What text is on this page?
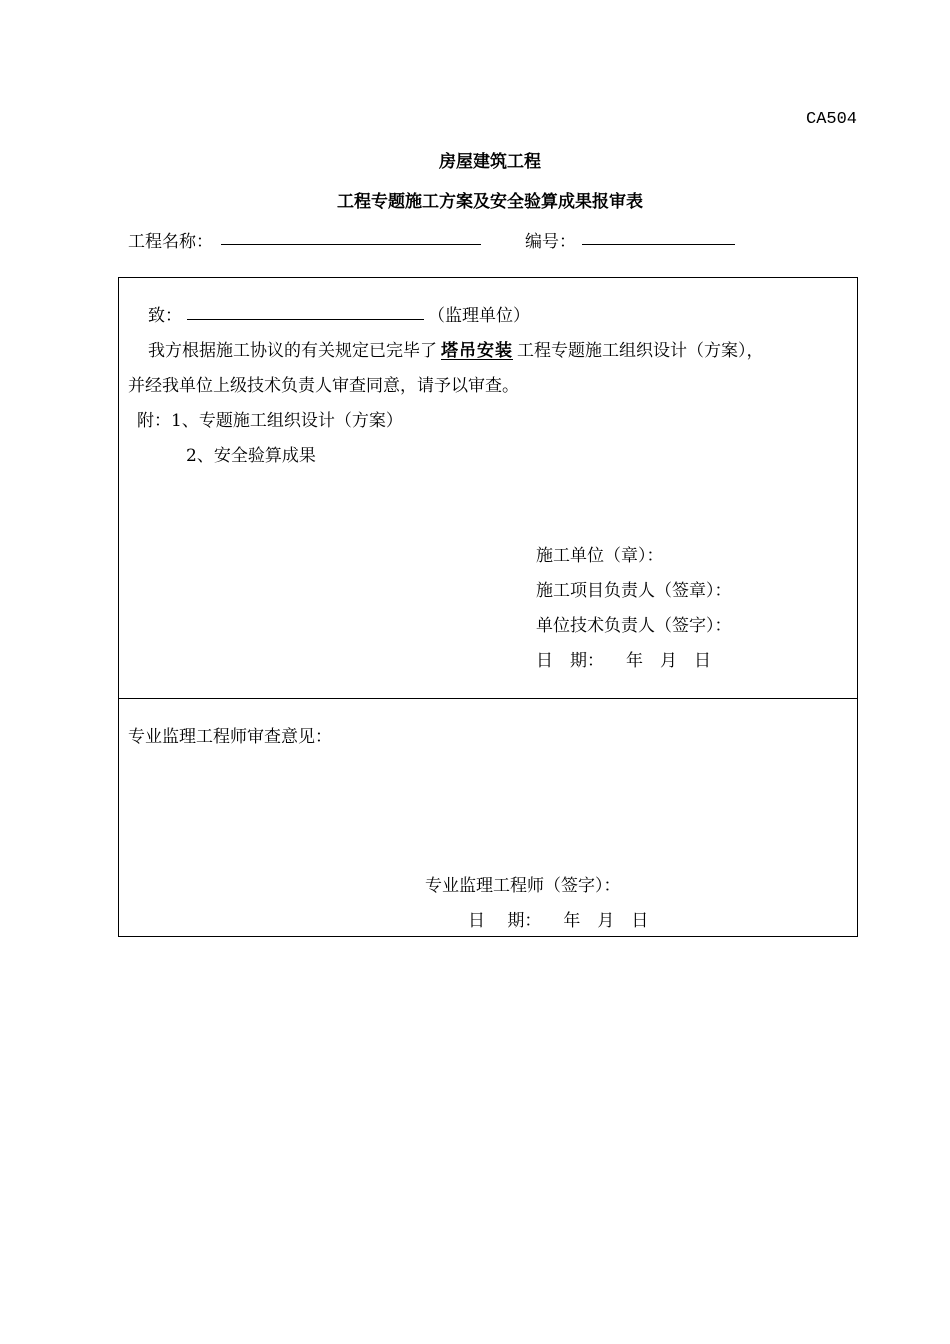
CA504
房屋建筑工程
工程专题施工方案及安全验算成果报审表
工程名称：	编号：
致：	（监理单位）
我方根据施工协议的有关规定已完毕了 塔吊安装 工程专题施工组织设计（方案），
并经我单位上级技术负责人审查同意，请予以审查。
附：1、专题施工组织设计（方案）
2、安全验算成果
施工单位（章）：
施工项目负责人（签章）：
单位技术负责人（签字）：
日　期： 年　月　日
专业监理工程师审查意见：
专业监理工程师（签字）：
日　 期： 年　月　日
